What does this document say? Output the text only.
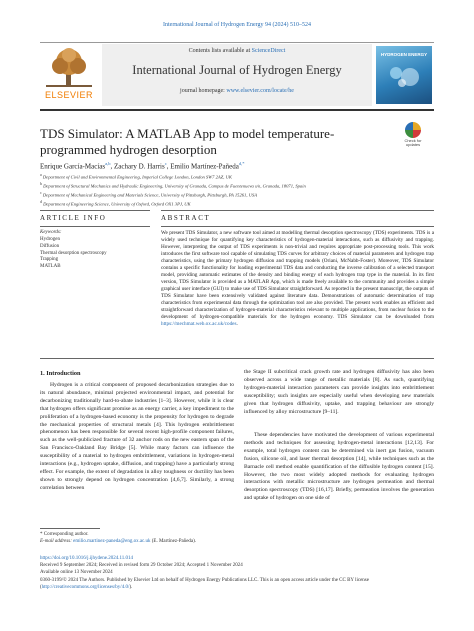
International Journal of Hydrogen Energy 94 (2024) 510–524
ELSEVIER
Contents lists available at ScienceDirect
International Journal of Hydrogen Energy
journal homepage: www.elsevier.com/locate/he
HYDROGEN ENERGY
TDS Simulator: A MATLAB App to model temperature-programmed hydrogen desorption
Check for updates
Enrique García-Macías$^{a,b}$, Zachary D. Harris$^c$, Emilio Martínez-Pañeda$^{d,*}$
$^a$ Department of Civil and Environmental Engineering, Imperial College London, London SW7 2AZ, UK
$^b$ Department of Structural Mechanics and Hydraulic Engineering, University of Granada, Campus de Fuentenueva s/n, Granada, 18071, Spain
$^c$ Department of Mechanical Engineering and Materials Science, University of Pittsburgh, Pittsburgh, PA 15261, USA
$^d$ Department of Engineering Science, University of Oxford, Oxford OX1 3PJ, UK
ARTICLE INFO
Keywords:
Hydrogen
Diffusion
Thermal desorption spectroscopy
Trapping
MATLAB
ABSTRACT
We present TDS Simulator, a new software tool aimed at modelling thermal desorption spectroscopy (TDS) experiments. TDS is a widely used technique for quantifying key characteristics of hydrogen-material interactions, such as diffusivity and trapping. However, interpreting the output of TDS experiments is non-trivial and requires appropriate post-processing tools. This work introduces the first software tool capable of simulating TDS curves for arbitrary choices of material parameters and hydrogen trap characteristics, using the primary hydrogen diffusion and trapping models (Oriani, McNabb-Foster). Moreover, TDS Simulator contains a specific functionality for loading experimental TDS data and conducting the inverse calibration of a selected transport model, providing automatic estimates of the density and binding energy of each hydrogen trap type in the material. In its first version, TDS Simulator is provided as a MATLAB App, which is made freely available to the community and provides a simple graphical user interface (GUI) to make use of TDS Simulator straightforward. As reported in the present manuscript, the outputs of TDS Simulator have been extensively validated against literature data. Demonstrations of automatic determination of trap characteristics from experimental data through the optimization tool are also provided. The present work enables an efficient and straightforward characterization of hydrogen-material characteristics relevant to multiple applications, from nuclear fusion to the development of hydrogen-compatible materials for the hydrogen economy. TDS Simulator can be downloaded from https://mechmat.web.ox.ac.uk/codes.
1. Introduction
Hydrogen is a critical component of proposed decarbonization strategies due to its natural abundance, minimal projected environmental impact, and potential for decarbonizing traditionally hard-to-abate industries [1–3]. However, while it is clear that hydrogen offers significant promise as an energy carrier, a key impediment to the proliferation of a hydrogen-based economy is the propensity for hydrogen to degrade the mechanical properties of structural metals [4]. This hydrogen embrittlement phenomenon has been responsible for several recent high-profile component failures, such as the well-publicized fracture of 32 anchor rods on the new eastern span of the San Francisco-Oakland Bay Bridge [5]. While many factors can influence the susceptibility of a material to hydrogen embrittlement, variations in hydrogen-metal interactions (e.g., hydrogen uptake, diffusion, and trapping) have a particularly strong effect. For example, the extent of degradation in alloy toughness or ductility has been shown to strongly depend on hydrogen concentration [4,6,7]. Similarly, a strong correlation between
the Stage II subcritical crack growth rate and hydrogen diffusivity has also been observed across a wide range of metallic materials [8]. As such, quantifying hydrogen-material interaction parameters can provide insights into embrittlement susceptibility; such insights are especially useful when developing new materials given that hydrogen diffusivity, uptake, and trapping behaviour are strongly influenced by alloy microstructure [9–11].
These dependencies have motivated the development of various experimental methods and techniques for assessing hydrogen-metal interactions [12,13]. For example, total hydrogen content can be determined via inert gas fusion, vacuum fusion, silicone oil, and laser thermal desorption [14], while techniques such as the Barnacle cell method enable quantification of the diffusible hydrogen content [15]. However, the two most widely adopted methods for evaluating hydrogen interactions with metallic microstructure are hydrogen permeation and thermal desorption spectroscopy (TDS) [16,17]. Briefly, permeation involves the generation and uptake of hydrogen on one side of
* Corresponding author.
E-mail address: emilio.martinez-paneda@eng.ox.ac.uk (E. Martínez-Pañeda).
https://doi.org/10.1016/j.ijhydene.2024.11.014
Received 9 September 2024; Received in revised form 29 October 2024; Accepted 1 November 2024
Available online 13 November 2024
0360-3199/© 2024 The Authors. Published by Elsevier Ltd on behalf of Hydrogen Energy Publications LLC. This is an open access article under the CC BY license (http://creativecommons.org/licenses/by/4.0/).
